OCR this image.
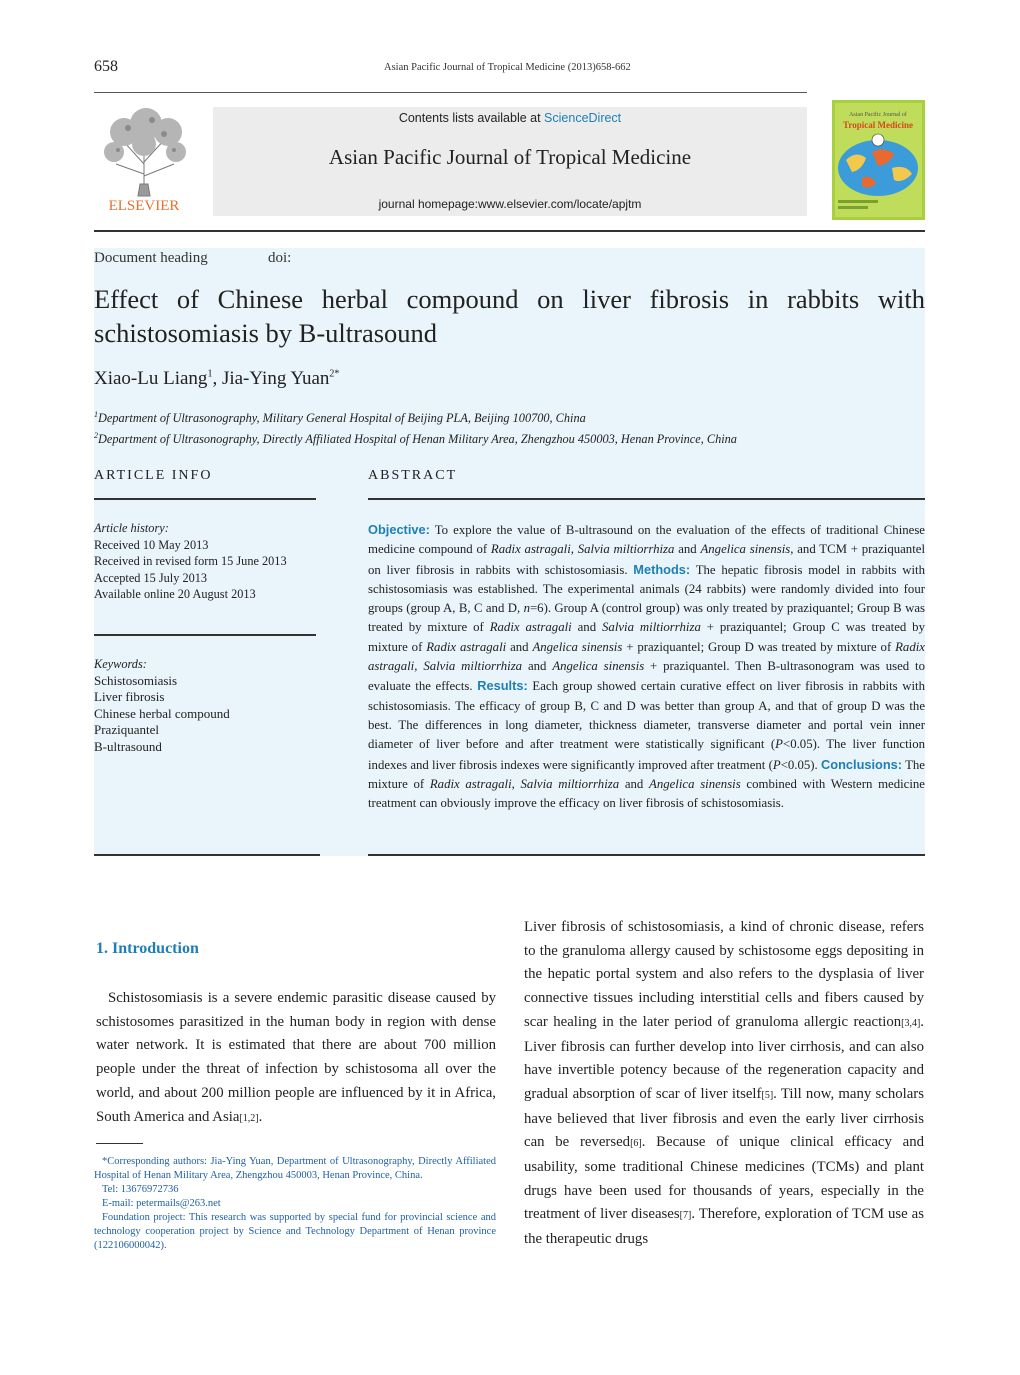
658	Asian Pacific Journal of Tropical Medicine (2013)658-662
ELSEVIER
Contents lists available at ScienceDirect
Asian Pacific Journal of Tropical Medicine
journal homepage:www.elsevier.com/locate/apjtm
Asian Pacific Journal of
Tropical Medicine
Document heading	doi:
Effect of Chinese herbal compound on liver fibrosis in rabbits with schistosomiasis by B-ultrasound
Xiao-Lu Liang$^1$, Jia-Ying Yuan$^{2*}$
$^1$Department of Ultrasonography, Military General Hospital of Beijing PLA, Beijing 100700, China
$^2$Department of Ultrasonography, Directly Affiliated Hospital of Henan Military Area, Zhengzhou 450003, Henan Province, China
ARTICLE INFO	ABSTRACT
Article history:
Received 10 May 2013
Received in revised form 15 June 2013
Accepted 15 July 2013
Available online 20 August 2013
Keywords:
Schistosomiasis
Liver fibrosis
Chinese herbal compound
Praziquantel
B-ultrasound
Objective: To explore the value of B-ultrasound on the evaluation of the effects of traditional Chinese medicine compound of Radix astragali, Salvia miltiorrhiza and Angelica sinensis, and TCM + praziquantel on liver fibrosis in rabbits with schistosomiasis. Methods: The hepatic fibrosis model in rabbits with schistosomiasis was established. The experimental animals (24 rabbits) were randomly divided into four groups (group A, B, C and D, n=6). Group A (control group) was only treated by praziquantel; Group B was treated by mixture of Radix astragali and Salvia miltiorrhiza + praziquantel; Group C was treated by mixture of Radix astragali and Angelica sinensis + praziquantel; Group D was treated by mixture of Radix astragali, Salvia miltiorrhiza and Angelica sinensis + praziquantel. Then B-ultrasonogram was used to evaluate the effects. Results: Each group showed certain curative effect on liver fibrosis in rabbits with schistosomiasis. The efficacy of group B, C and D was better than group A, and that of group D was the best. The differences in long diameter, thickness diameter, transverse diameter and portal vein inner diameter of liver before and after treatment were statistically significant (P<0.05). The liver function indexes and liver fibrosis indexes were significantly improved after treatment (P<0.05). Conclusions: The mixture of Radix astragali, Salvia miltiorrhiza and Angelica sinensis combined with Western medicine treatment can obviously improve the efficacy on liver fibrosis of schistosomiasis.
1. Introduction
Schistosomiasis is a severe endemic parasitic disease caused by schistosomes parasitized in the human body in region with dense water network. It is estimated that there are about 700 million people under the threat of infection by schistosoma all over the world, and about 200 million people are influenced by it in Africa, South America and Asia[1,2].

*Corresponding authors: Jia-Ying Yuan, Department of Ultrasonography, Directly Affiliated Hospital of Henan Military Area, Zhengzhou 450003, Henan Province, China.

Tel: 13676972736

E-mail: petermails@263.net

Foundation project: This research was supported by special fund for provincial science and technology cooperation project by Science and Technology Department of Henan province (122106000042).

Liver fibrosis of schistosomiasis, a kind of chronic disease, refers to the granuloma allergy caused by schistosome eggs depositing in the hepatic portal system and also refers to the dysplasia of liver connective tissues including interstitial cells and fibers caused by scar healing in the later period of granuloma allergic reaction[3,4]. Liver fibrosis can further develop into liver cirrhosis, and can also have invertible potency because of the regeneration capacity and gradual absorption of scar of liver itself[5]. Till now, many scholars have believed that liver fibrosis and even the early liver cirrhosis can be reversed[6]. Because of unique clinical efficacy and usability, some traditional Chinese medicines (TCMs) and plant drugs have been used for thousands of years, especially in the treatment of liver diseases[7]. Therefore, exploration of TCM use as the therapeutic drugs
